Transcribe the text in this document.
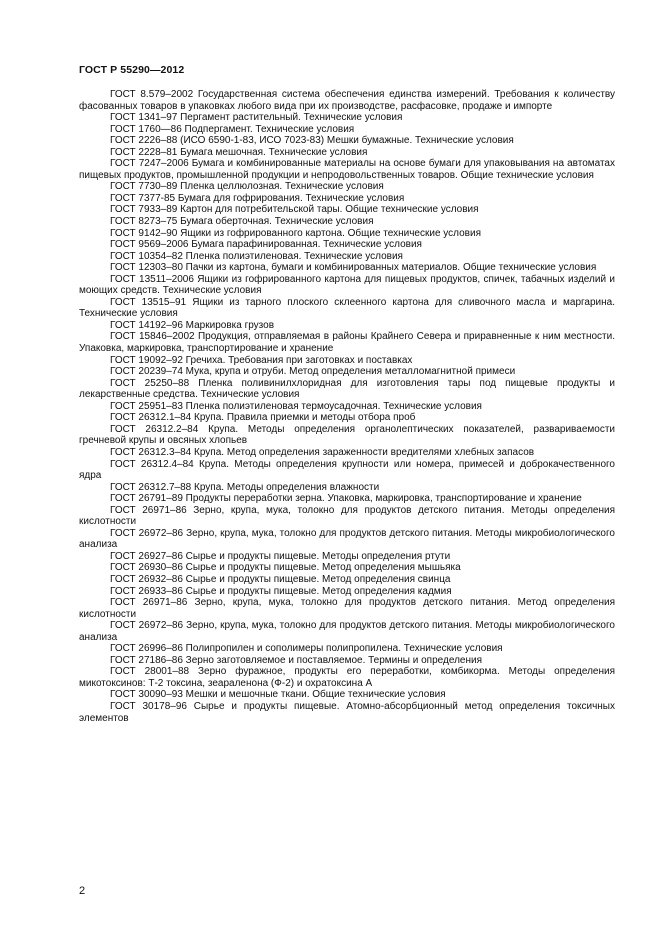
ГОСТ Р 55290—2012

ГОСТ 8.579–2002 Государственная система обеспечения единства измерений. Требования к количеству фасованных товаров в упаковках любого вида при их производстве, расфасовке, продаже и импорте

ГОСТ 1341–97 Пергамент растительный. Технические условия

ГОСТ 1760—86 Подпергамент. Технические условия

ГОСТ 2226–88 (ИСО 6590-1-83, ИСО 7023-83) Мешки бумажные. Технические условия

ГОСТ 2228–81 Бумага мешочная. Технические условия

ГОСТ 7247–2006 Бумага и комбинированные материалы на основе бумаги для упаковывания на автоматах пищевых продуктов, промышленной продукции и непродовольственных товаров. Общие технические условия

ГОСТ 7730–89 Пленка целлюлозная. Технические условия

ГОСТ 7377-85 Бумага для гофрирования. Технические условия

ГОСТ 7933–89 Картон для потребительской тары. Общие технические условия

ГОСТ 8273–75 Бумага оберточная. Технические условия

ГОСТ 9142–90 Ящики из гофрированного картона. Общие технические условия

ГОСТ 9569–2006 Бумага парафинированная. Технические условия

ГОСТ 10354–82 Пленка полиэтиленовая. Технические условия

ГОСТ 12303–80 Пачки из картона, бумаги и комбинированных материалов. Общие технические условия

ГОСТ 13511–2006 Ящики из гофрированного картона для пищевых продуктов, спичек, табачных изделий и моющих средств. Технические условия

ГОСТ 13515–91 Ящики из тарного плоского склеенного картона для сливочного масла и маргарина. Технические условия

ГОСТ 14192–96 Маркировка грузов

ГОСТ 15846–2002 Продукция, отправляемая в районы Крайнего Севера и приравненные к ним местности. Упаковка, маркировка, транспортирование и хранение

ГОСТ 19092–92 Гречиха. Требования при заготовках и поставках

ГОСТ 20239–74 Мука, крупа и отруби. Метод определения металломагнитной примеси

ГОСТ 25250–88 Пленка поливинилхлоридная для изготовления тары под пищевые продукты и лекарственные средства. Технические условия

ГОСТ 25951–83 Пленка полиэтиленовая термоусадочная. Технические условия

ГОСТ 26312.1–84 Крупа. Правила приемки и методы отбора проб

ГОСТ 26312.2–84 Крупа. Методы определения органолептических показателей, развариваемости гречневой крупы и овсяных хлопьев

ГОСТ 26312.3–84 Крупа. Метод определения зараженности вредителями хлебных запасов

ГОСТ 26312.4–84 Крупа. Методы определения крупности или номера, примесей и доброкачественного ядра

ГОСТ 26312.7–88 Крупа. Методы определения влажности

ГОСТ 26791–89 Продукты переработки зерна. Упаковка, маркировка, транспортирование и хранение

ГОСТ 26971–86 Зерно, крупа, мука, толокно для продуктов детского питания. Методы определения кислотности

ГОСТ 26972–86 Зерно, крупа, мука, толокно для продуктов детского питания. Методы микробиологического анализа

ГОСТ 26927–86 Сырье и продукты пищевые. Методы определения ртути

ГОСТ 26930–86 Сырье и продукты пищевые. Метод определения мышьяка

ГОСТ 26932–86 Сырье и продукты пищевые. Метод определения свинца

ГОСТ 26933–86 Сырье и продукты пищевые. Метод определения кадмия

ГОСТ 26971–86 Зерно, крупа, мука, толокно для продуктов детского питания. Метод определения кислотности

ГОСТ 26972–86 Зерно, крупа, мука, толокно для продуктов детского питания. Методы микробиологического анализа

ГОСТ 26996–86 Полипропилен и сополимеры полипропилена. Технические условия

ГОСТ 27186–86 Зерно заготовляемое и поставляемое. Термины и определения

ГОСТ 28001–88 Зерно фуражное, продукты его переработки, комбикорма. Методы определения микотоксинов: Т-2 токсина, зеараленона (Ф-2) и охратоксина А

ГОСТ 30090–93 Мешки и мешочные ткани. Общие технические условия

ГОСТ 30178–96 Сырье и продукты пищевые. Атомно-абсорбционный метод определения токсичных элементов

2
